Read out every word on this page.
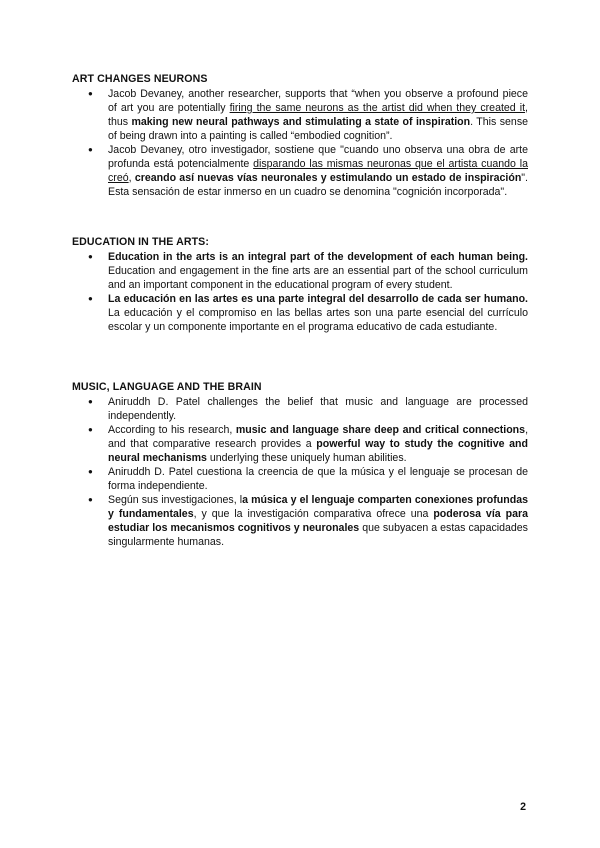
ART CHANGES NEURONS
● Jacob Devaney, another researcher, supports that “when you observe a profound piece of art you are potentially firing the same neurons as the artist did when they created it, thus making new neural pathways and stimulating a state of inspiration. This sense of being drawn into a painting is called “embodied cognition”.
● Jacob Devaney, otro investigador, sostiene que "cuando uno observa una obra de arte profunda está potencialmente disparando las mismas neuronas que el artista cuando la creó, creando así nuevas vías neuronales y estimulando un estado de inspiración". Esta sensación de estar inmerso en un cuadro se denomina "cognición incorporada".
EDUCATION IN THE ARTS:
● Education in the arts is an integral part of the development of each human being. Education and engagement in the fine arts are an essential part of the school curriculum and an important component in the educational program of every student.
● La educación en las artes es una parte integral del desarrollo de cada ser humano. La educación y el compromiso en las bellas artes son una parte esencial del currículo escolar y un componente importante en el programa educativo de cada estudiante.
MUSIC, LANGUAGE AND THE BRAIN
● Aniruddh D. Patel challenges the belief that music and language are processed independently.
● According to his research, music and language share deep and critical connections, and that comparative research provides a powerful way to study the cognitive and neural mechanisms underlying these uniquely human abilities.
● Aniruddh D. Patel cuestiona la creencia de que la música y el lenguaje se procesan de forma independiente.
● Según sus investigaciones, la música y el lenguaje comparten conexiones profundas y fundamentales, y que la investigación comparativa ofrece una poderosa vía para estudiar los mecanismos cognitivos y neuronales que subyacen a estas capacidades singularmente humanas.
2
